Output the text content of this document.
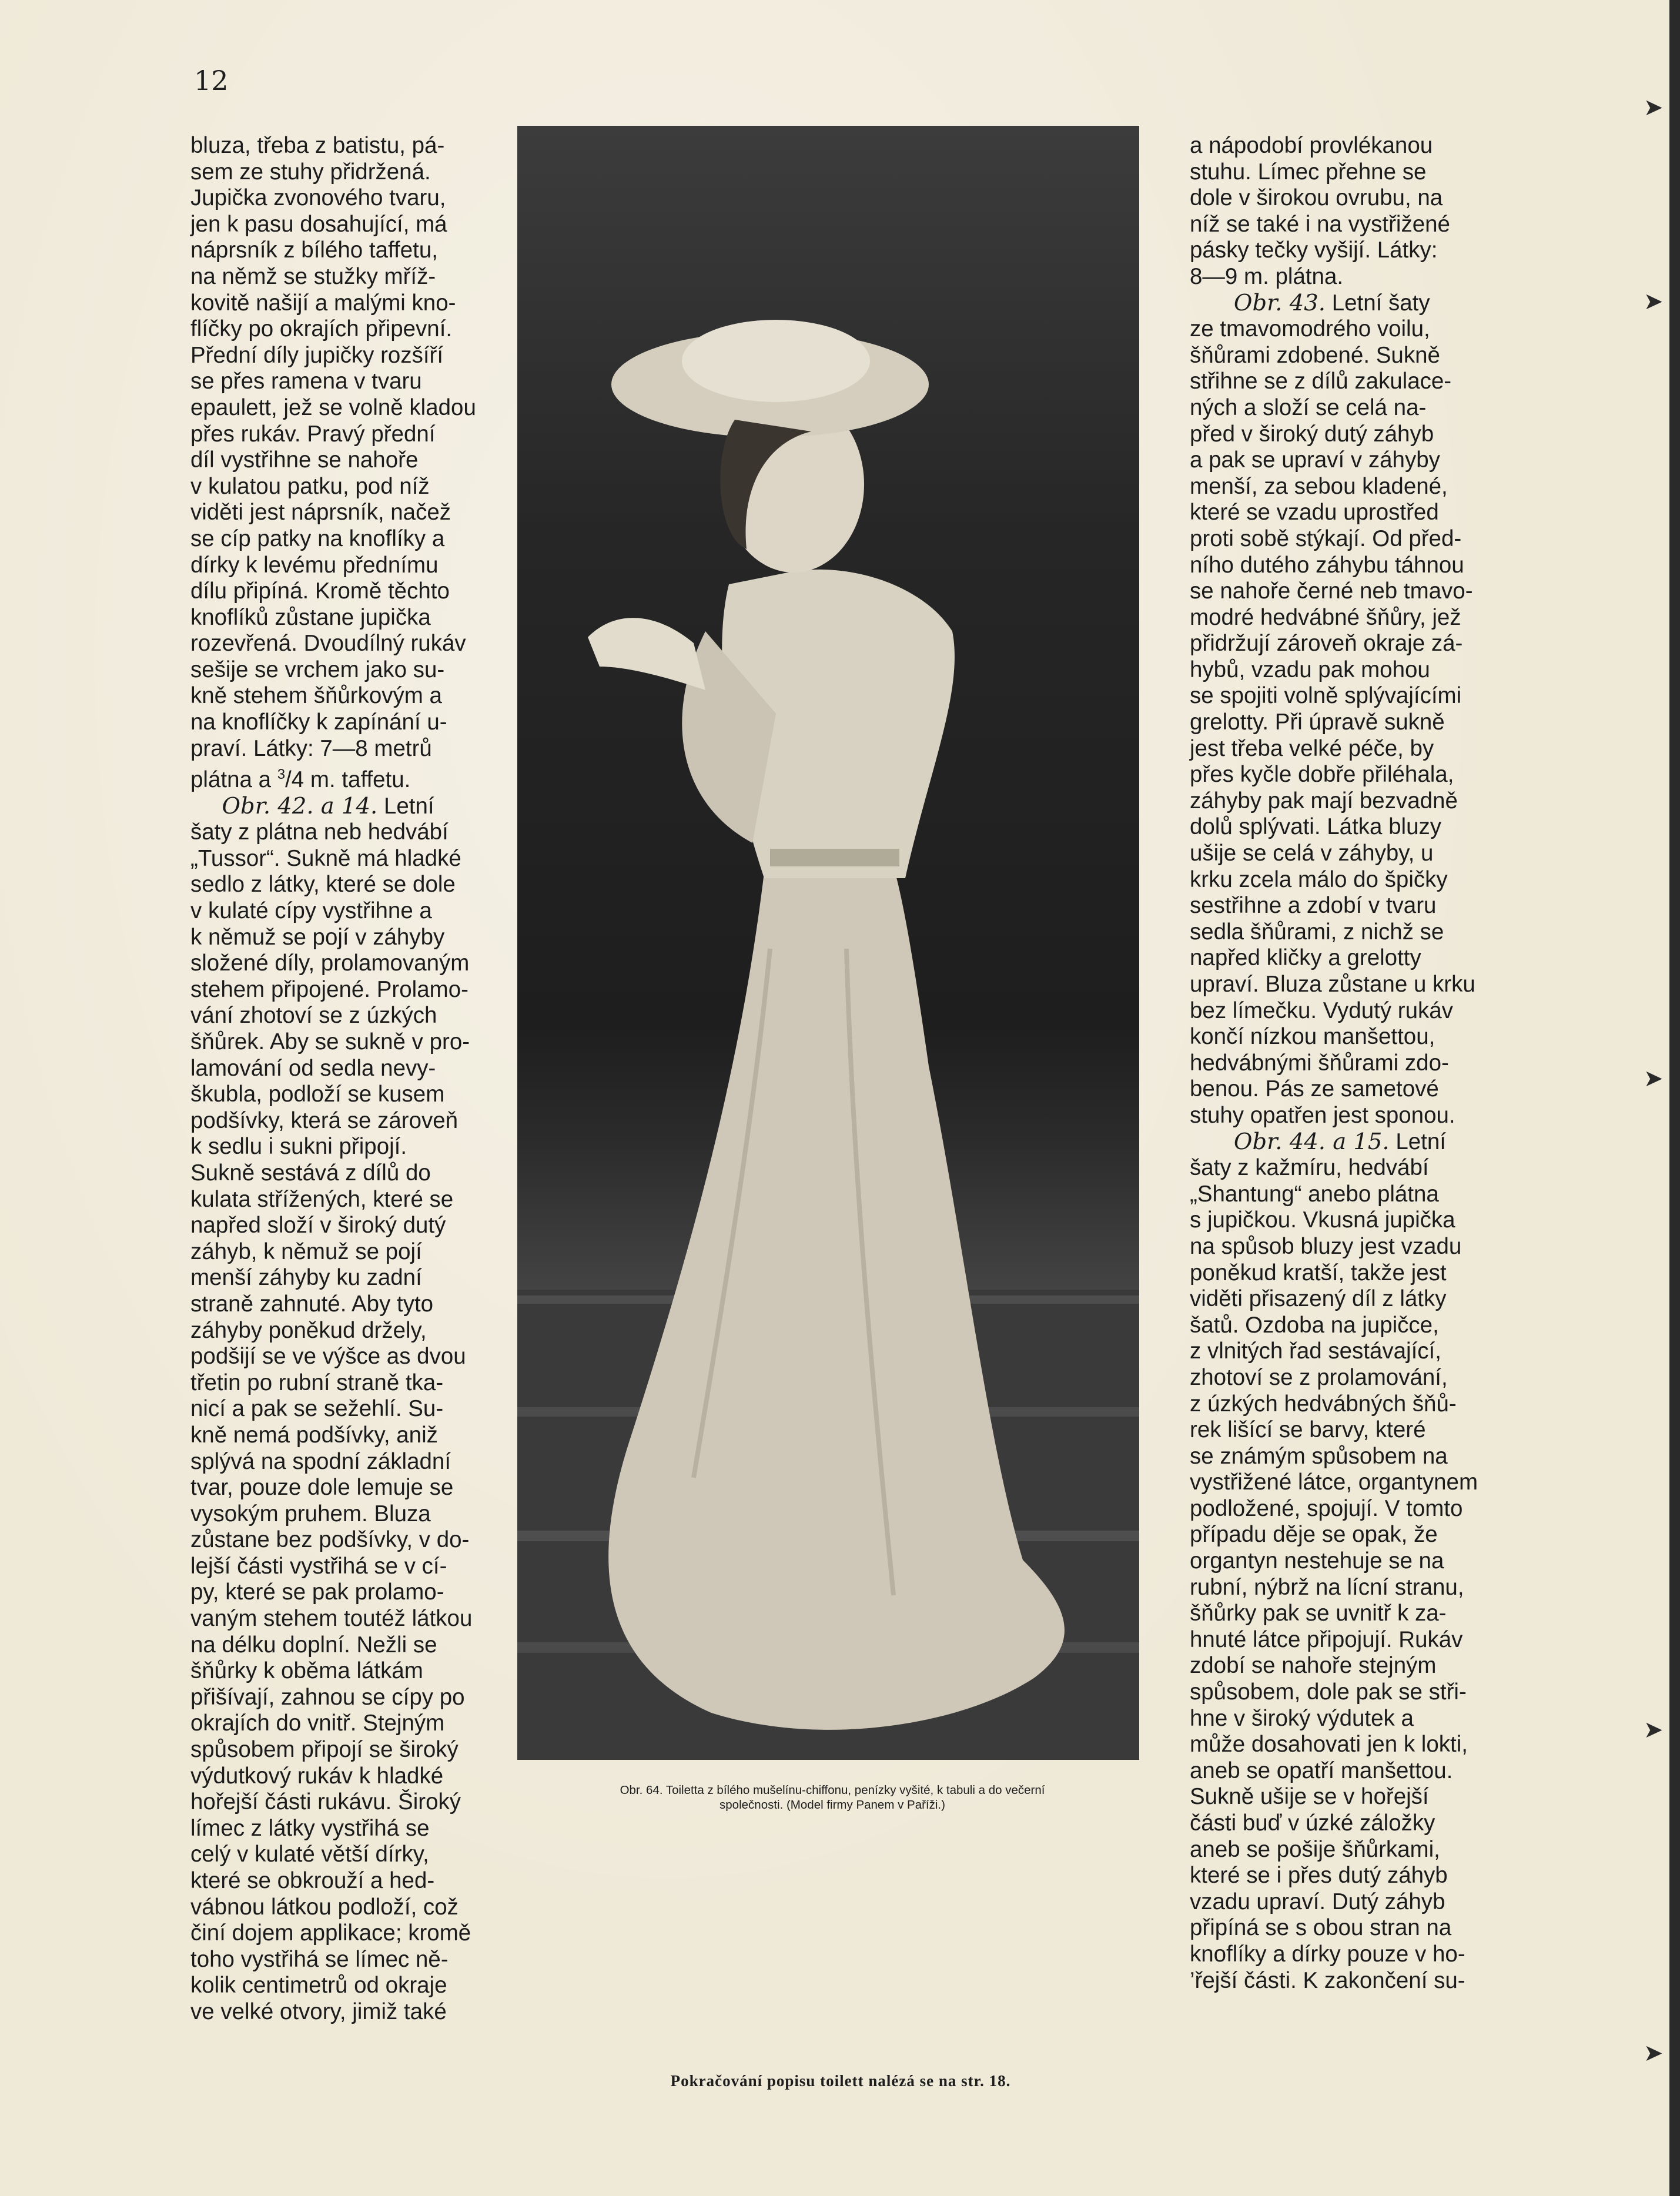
12

bluza, třeba z batistu, pá-

sem ze stuhy přidržená.

Jupička zvonového tvaru,

jen k pasu dosahující, má

náprsník z bílého taffetu,

na němž se stužky mříž-

kovitě našijí a malými kno-

flíčky po okrajích připevní.

Přední díly jupičky rozšíří

se přes ramena v tvaru

epaulett, jež se volně kladou

přes rukáv. Pravý přední

díl vystřihne se nahoře

v kulatou patku, pod níž

viděti jest náprsník, načež

se cíp patky na knoflíky a

dírky k levému přednímu

dílu připíná. Kromě těchto

knoflíků zůstane jupička

rozevřená. Dvoudílný rukáv

sešije se vrchem jako su-

kně stehem šňůrkovým a

na knoflíčky k zapínání u-

praví. Látky: 7—8 metrů

plátna a $^3$/4 m. taffetu.

Obr. 42. a 14. Letní

šaty z plátna neb hedvábí

„Tussor“. Sukně má hladké

sedlo z látky, které se dole

v kulaté cípy vystřihne a

k němuž se pojí v záhyby

složené díly, prolamovaným

stehem připojené. Prolamo-

vání zhotoví se z úzkých

šňůrek. Aby se sukně v pro-

lamování od sedla nevy-

škubla, podloží se kusem

podšívky, která se zároveň

k sedlu i sukni připojí.

Sukně sestává z dílů do

kulata střížených, které se

napřed složí v široký dutý

záhyb, k němuž se pojí

menší záhyby ku zadní

straně zahnuté. Aby tyto

záhyby poněkud držely,

podšijí se ve výšce as dvou

třetin po rubní straně tka-

nicí a pak se sežehlí. Su-

kně nemá podšívky, aniž

splývá na spodní základní

tvar, pouze dole lemuje se

vysokým pruhem. Bluza

zůstane bez podšívky, v do-

lejší části vystřihá se v cí-

py, které se pak prolamo-

vaným stehem toutéž látkou

na délku doplní. Nežli se

šňůrky k oběma látkám

přišívají, zahnou se cípy po

okrajích do vnitř. Stejným

spůsobem připojí se široký

výdutkový rukáv k hladké

hořejší části rukávu. Široký

límec z látky vystřihá se

celý v kulaté větší dírky,

které se obkrouží a hed-

vábnou látkou podloží, což

činí dojem applikace; kromě

toho vystřihá se límec ně-

kolik centimetrů od okraje

ve velké otvory, jimiž také

a nápodobí provlékanou

stuhu. Límec přehne se

dole v širokou ovrubu, na

níž se také i na vystřižené

pásky tečky vyšijí. Látky:

8—9 m. plátna.

Obr. 43. Letní šaty

ze tmavomodrého voilu,

šňůrami zdobené. Sukně

střihne se z dílů zakulace-

ných a složí se celá na-

před v široký dutý záhyb

a pak se upraví v záhyby

menší, za sebou kladené,

které se vzadu uprostřed

proti sobě stýkají. Od před-

ního dutého záhybu táhnou

se nahoře černé neb tmavo-

modré hedvábné šňůry, jež

přidržují zároveň okraje zá-

hybů, vzadu pak mohou

se spojiti volně splývajícími

grelotty. Při úpravě sukně

jest třeba velké péče, by

přes kyčle dobře přiléhala,

záhyby pak mají bezvadně

dolů splývati. Látka bluzy

ušije se celá v záhyby, u

krku zcela málo do špičky

sestřihne a zdobí v tvaru

sedla šňůrami, z nichž se

napřed kličky a grelotty

upraví. Bluza zůstane u krku

bez límečku. Vydutý rukáv

končí nízkou manšettou,

hedvábnými šňůrami zdo-

benou. Pás ze sametové

stuhy opatřen jest sponou.

Obr. 44. a 15. Letní

šaty z kažmíru, hedvábí

„Shantung“ anebo plátna

s jupičkou. Vkusná jupička

na spůsob bluzy jest vzadu

poněkud kratší, takže jest

viděti přisazený díl z látky

šatů. Ozdoba na jupičce,

z vlnitých řad sestávající,

zhotoví se z prolamování,

z úzkých hedvábných šňů-

rek lišící se barvy, které

se známým spůsobem na

vystřižené látce, organtynem

podložené, spojují. V tomto

případu děje se opak, že

organtyn nestehuje se na

rubní, nýbrž na lícní stranu,

šňůrky pak se uvnitř k za-

hnuté látce připojují. Rukáv

zdobí se nahoře stejným

spůsobem, dole pak se stři-

hne v široký výdutek a

může dosahovati jen k lokti,

aneb se opatří manšettou.

Sukně ušije se v hořejší

části buď v úzké záložky

aneb se pošije šňůrkami,

které se i přes dutý záhyb

vzadu upraví. Dutý záhyb

připíná se s obou stran na

knoflíky a dírky pouze v ho-

’řejší části. K zakončení su-

Obr. 64. Toiletta z bílého mušelínu-chiffonu, penízky vyšité, k tabuli a do večerní

společnosti. (Model firmy Panem v Paříži.)

Pokračování popisu toilett nalézá se na str. 18.
➤
➤
➤
➤
➤
